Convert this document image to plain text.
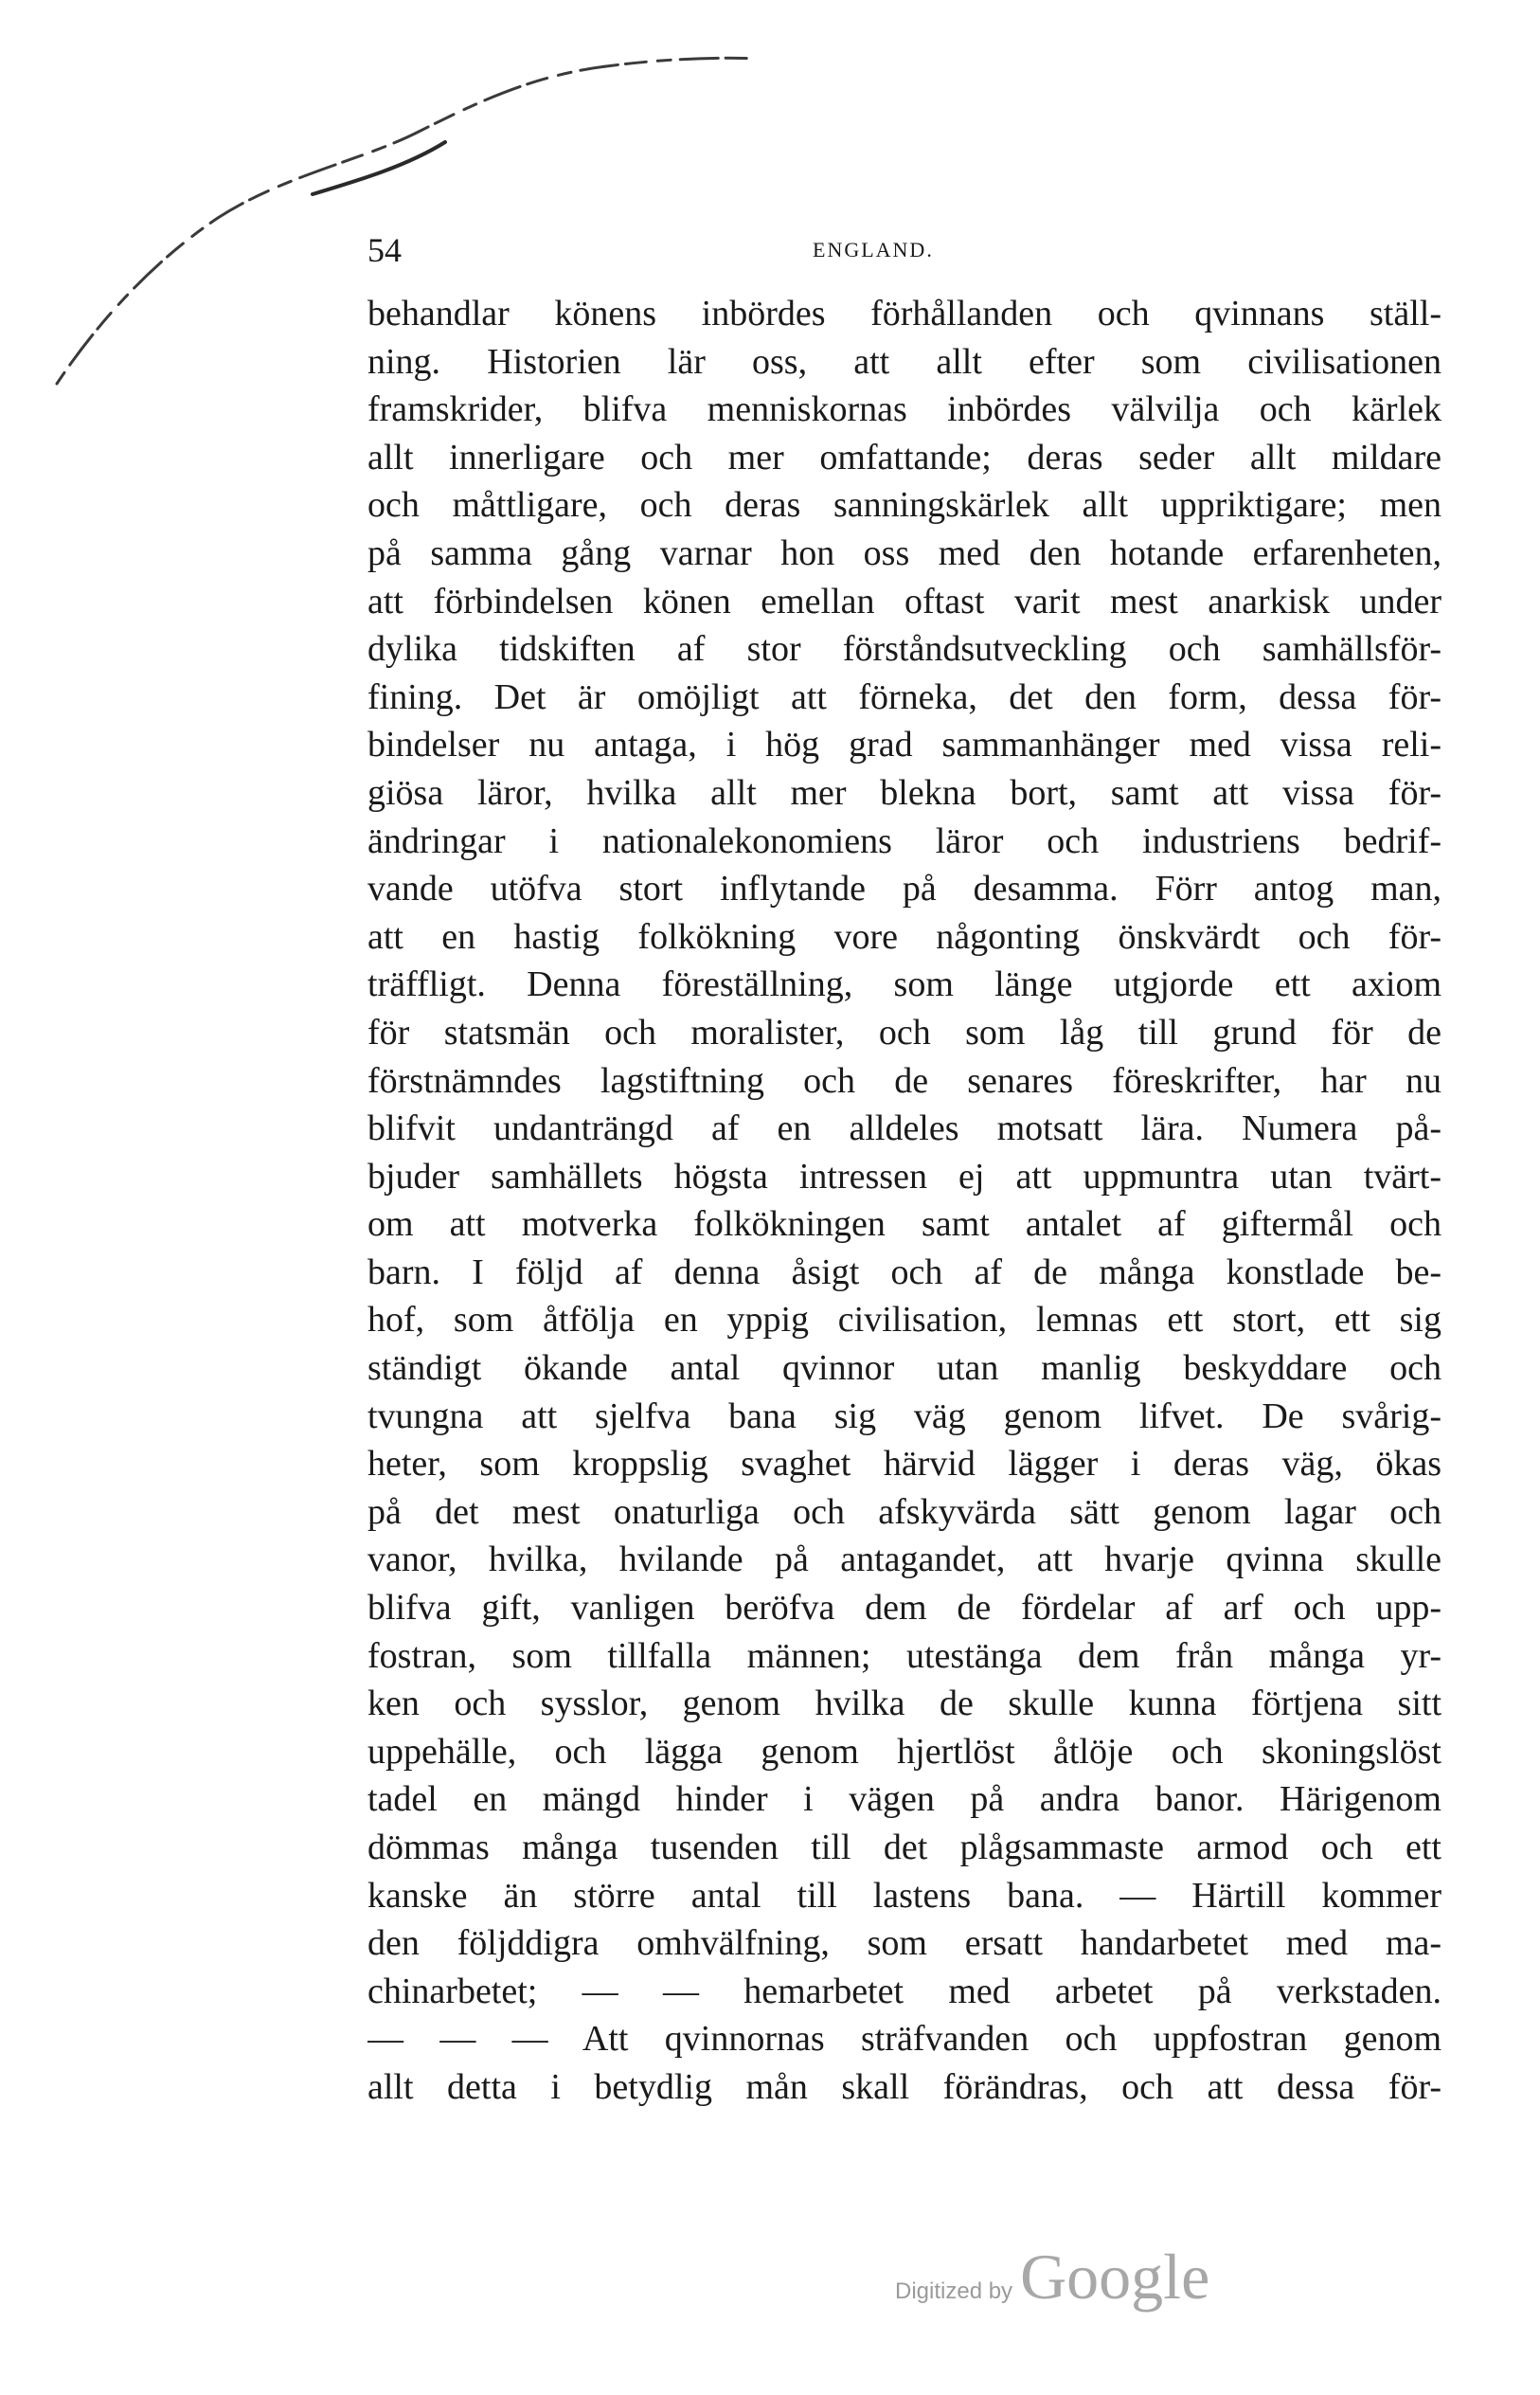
54	ENGLAND.
behandlar könens inbördes förhållanden och qvinnans ställ-
ning. Historien lär oss, att allt efter som civilisationen
framskrider, blifva menniskornas inbördes välvilja och kärlek
allt innerligare och mer omfattande; deras seder allt mildare
och måttligare, och deras sanningskärlek allt uppriktigare; men
på samma gång varnar hon oss med den hotande erfarenheten,
att förbindelsen könen emellan oftast varit mest anarkisk under
dylika tidskiften af stor förståndsutveckling och samhällsför-
fining. Det är omöjligt att förneka, det den form, dessa för-
bindelser nu antaga, i hög grad sammanhänger med vissa reli-
giösa läror, hvilka allt mer blekna bort, samt att vissa för-
ändringar i nationalekonomiens läror och industriens bedrif-
vande utöfva stort inflytande på desamma. Förr antog man,
att en hastig folkökning vore någonting önskvärdt och för-
träffligt. Denna föreställning, som länge utgjorde ett axiom
för statsmän och moralister, och som låg till grund för de
förstnämndes lagstiftning och de senares föreskrifter, har nu
blifvit undanträngd af en alldeles motsatt lära. Numera på-
bjuder samhällets högsta intressen ej att uppmuntra utan tvärt-
om att motverka folkökningen samt antalet af giftermål och
barn. I följd af denna åsigt och af de många konstlade be-
hof, som åtfölja en yppig civilisation, lemnas ett stort, ett sig
ständigt ökande antal qvinnor utan manlig beskyddare och
tvungna att sjelfva bana sig väg genom lifvet. De svårig-
heter, som kroppslig svaghet härvid lägger i deras väg, ökas
på det mest onaturliga och afskyvärda sätt genom lagar och
vanor, hvilka, hvilande på antagandet, att hvarje qvinna skulle
blifva gift, vanligen beröfva dem de fördelar af arf och upp-
fostran, som tillfalla männen; utestänga dem från många yr-
ken och sysslor, genom hvilka de skulle kunna förtjena sitt
uppehälle, och lägga genom hjertlöst åtlöje och skoningslöst
tadel en mängd hinder i vägen på andra banor. Härigenom
dömmas många tusenden till det plågsammaste armod och ett
kanske än större antal till lastens bana. — Härtill kommer
den följddigra omhvälfning, som ersatt handarbetet med ma-
chinarbetet; — — hemarbetet med arbetet på verkstaden.
— — — Att qvinnornas sträfvanden och uppfostran genom
allt detta i betydlig mån skall förändras, och att dessa för-
Digitized by Google
